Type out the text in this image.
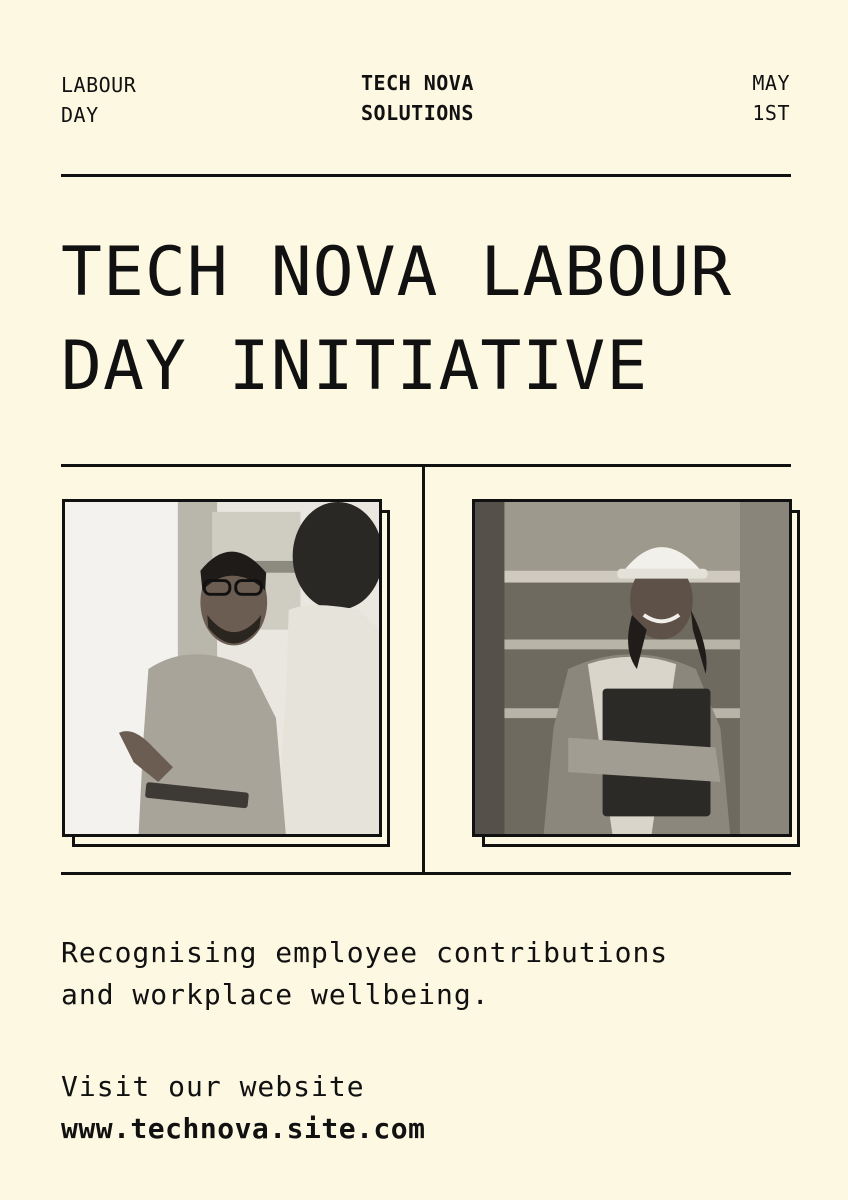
LABOUR
DAY
TECH NOVA
SOLUTIONS
MAY
1ST
TECH NOVA LABOUR
DAY INITIATIVE
Recognising employee contributions
and workplace wellbeing.
Visit our website
www.technova.site.com
